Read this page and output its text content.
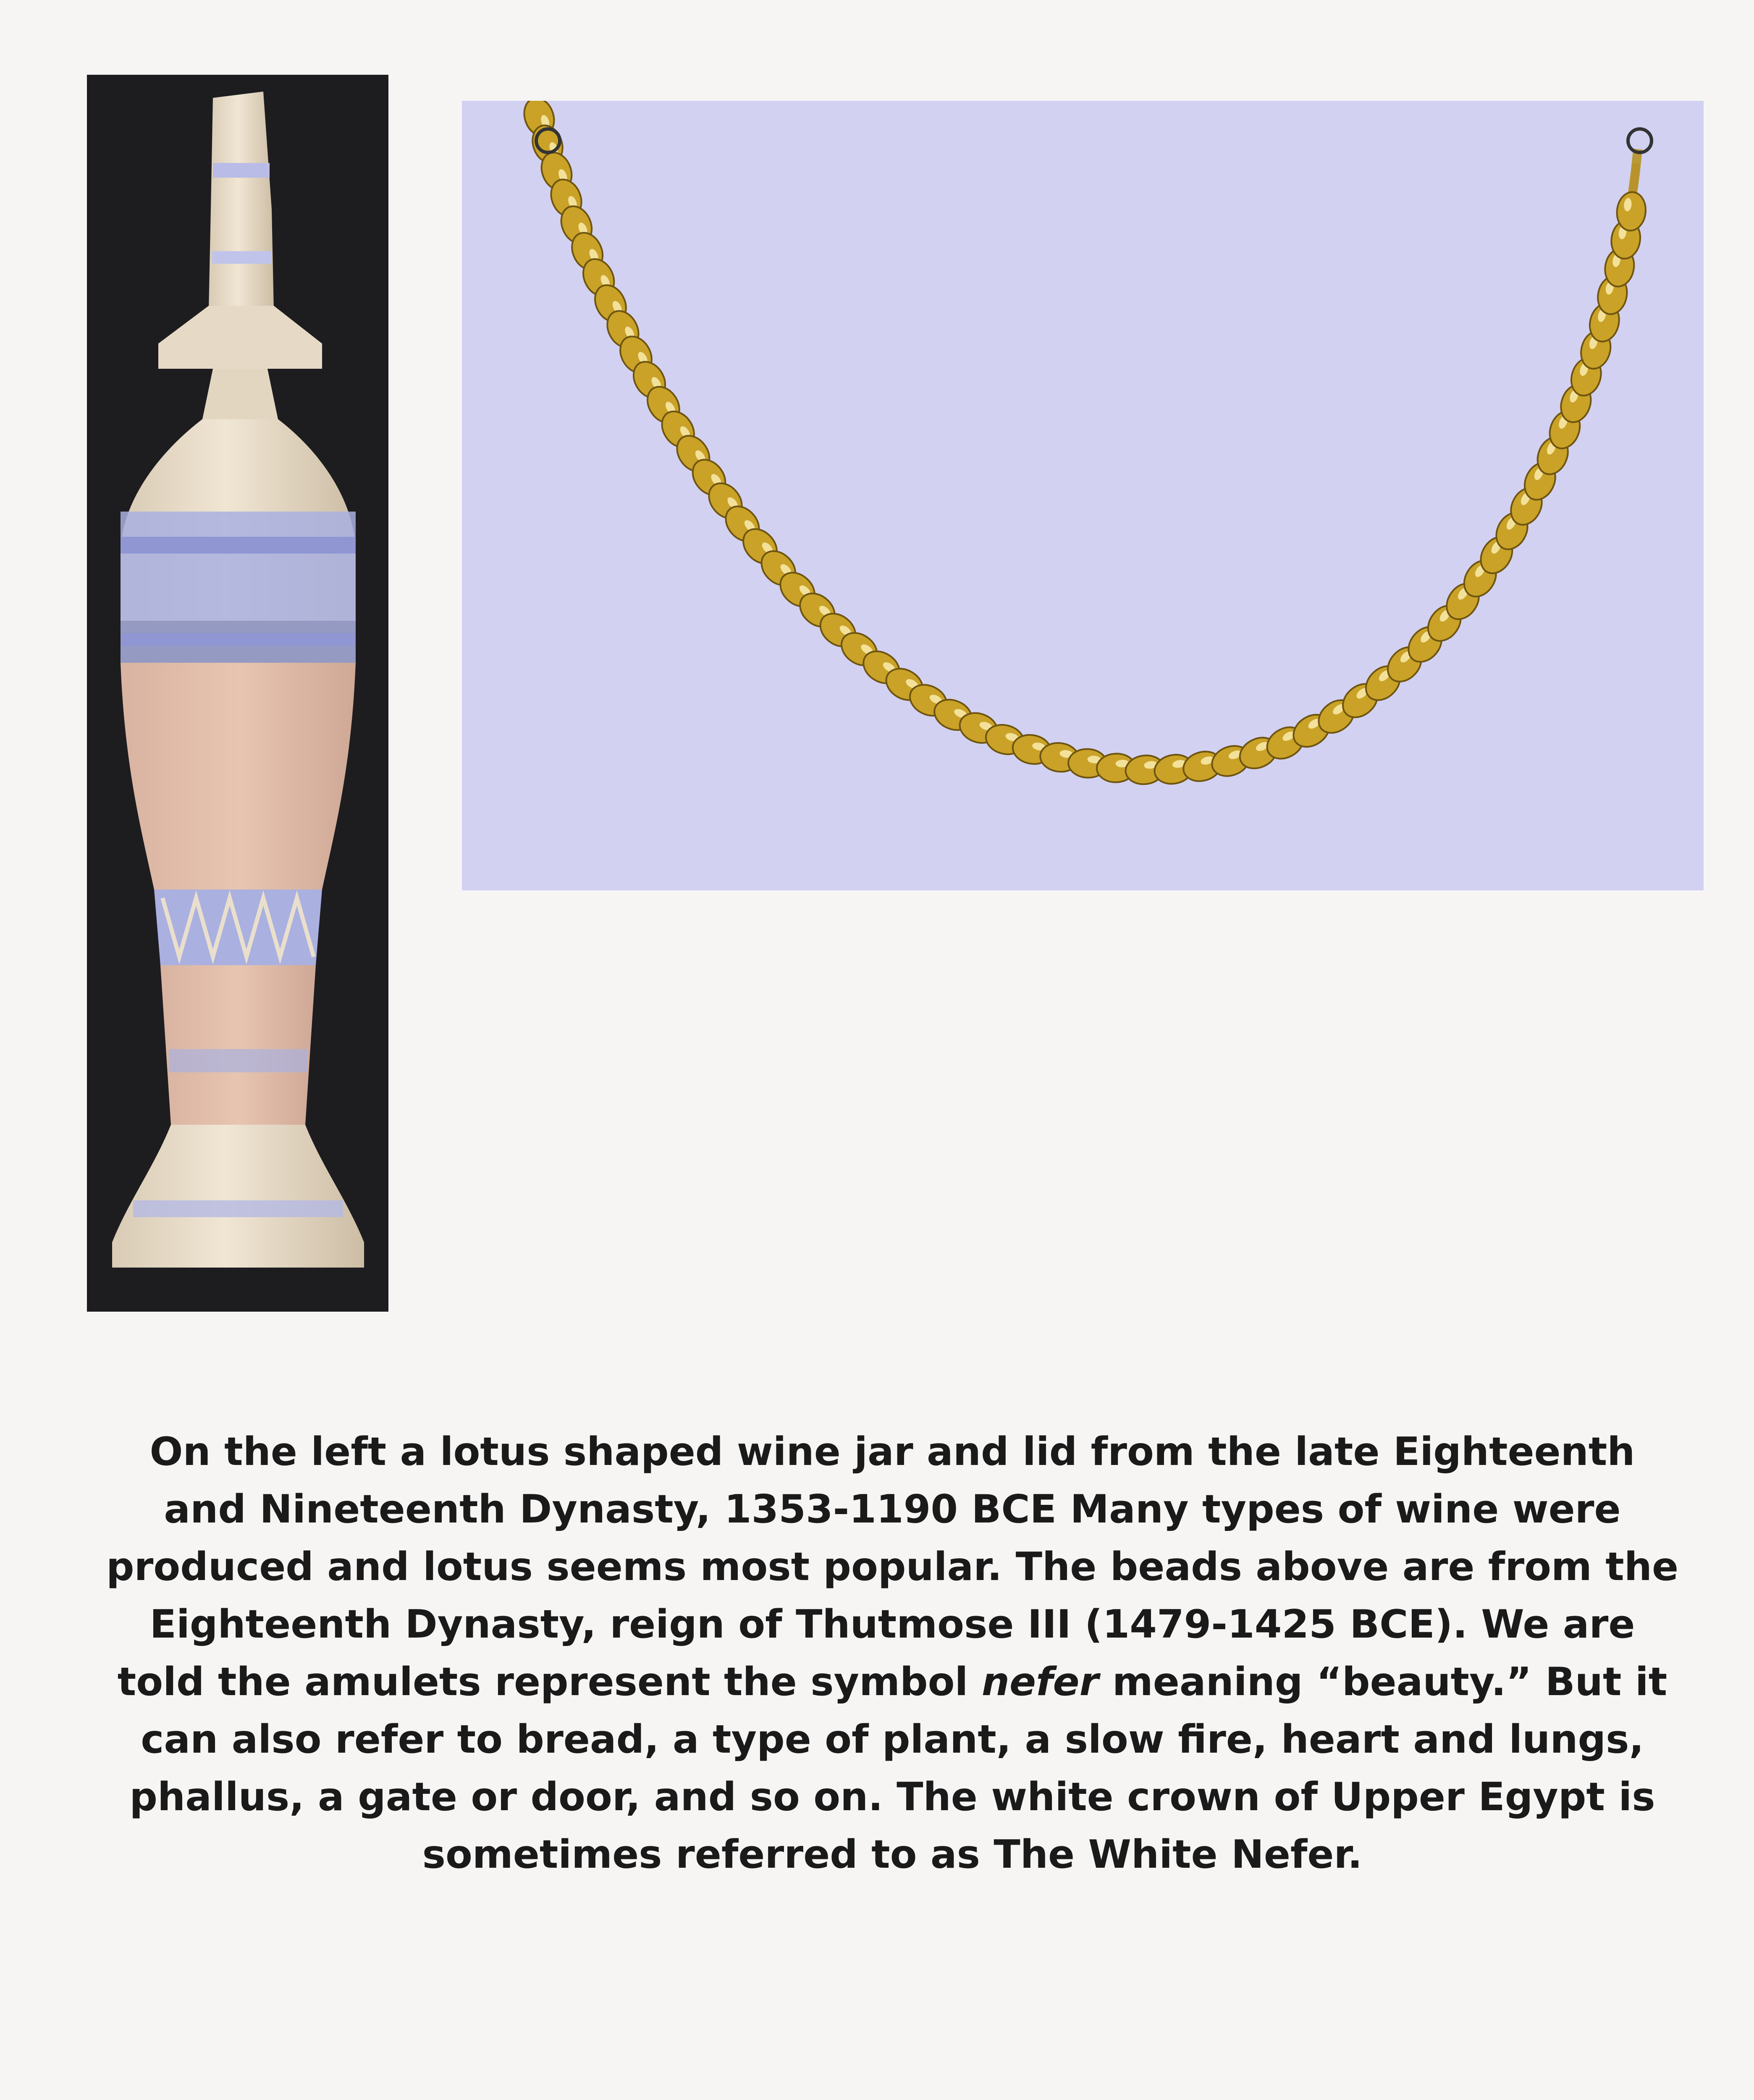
On the left a lotus shaped wine jar and lid from the late Eighteenth and Nineteenth Dynasty, 1353-1190 BCE Many types of wine were produced and lotus seems most popular. The beads above are from the Eighteenth Dynasty, reign of Thutmose III (1479-1425 BCE). We are told the amulets represent the symbol nefer meaning “beauty.” But it can also refer to bread, a type of plant, a slow fire, heart and lungs, phallus, a gate or door, and so on. The white crown of Upper Egypt is sometimes referred to as The White Nefer.
